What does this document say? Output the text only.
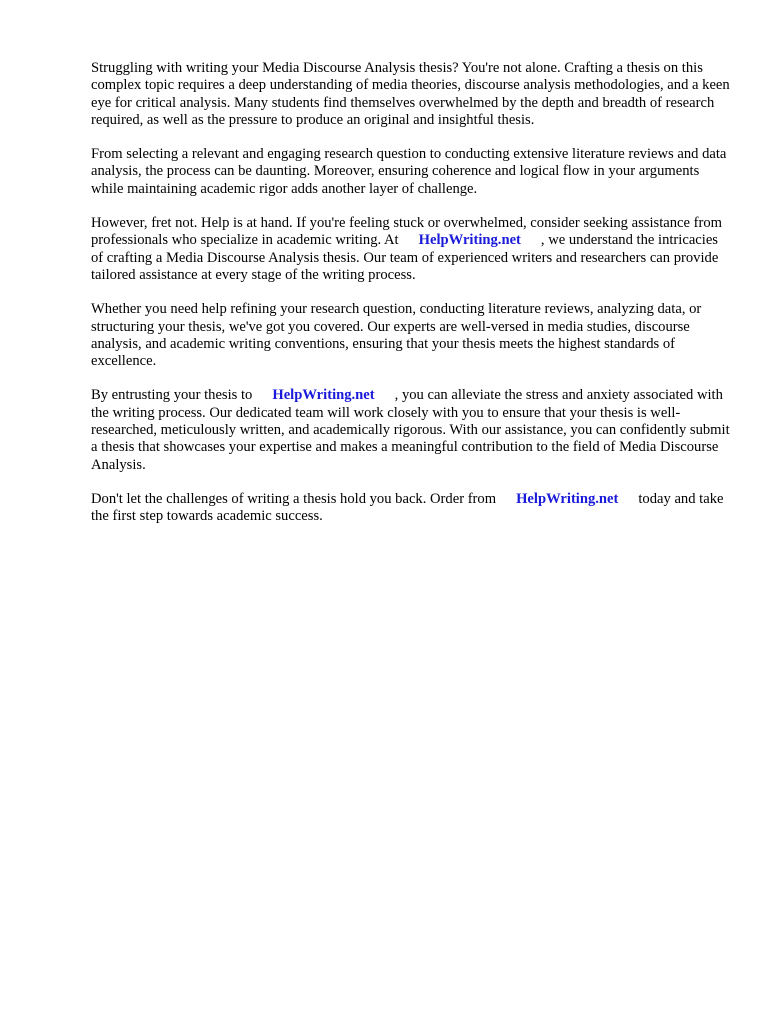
Struggling with writing your Media Discourse Analysis thesis? You're not alone. Crafting a thesis on this complex topic requires a deep understanding of media theories, discourse analysis methodologies, and a keen eye for critical analysis. Many students find themselves overwhelmed by the depth and breadth of research required, as well as the pressure to produce an original and insightful thesis.

From selecting a relevant and engaging research question to conducting extensive literature reviews and data analysis, the process can be daunting. Moreover, ensuring coherence and logical flow in your arguments while maintaining academic rigor adds another layer of challenge.

However, fret not. Help is at hand. If you're feeling stuck or overwhelmed, consider seeking assistance from professionals who specialize in academic writing. At HelpWriting.net , we understand the intricacies of crafting a Media Discourse Analysis thesis. Our team of experienced writers and researchers can provide tailored assistance at every stage of the writing process.

Whether you need help refining your research question, conducting literature reviews, analyzing data, or structuring your thesis, we've got you covered. Our experts are well-versed in media studies, discourse analysis, and academic writing conventions, ensuring that your thesis meets the highest standards of excellence.

By entrusting your thesis to HelpWriting.net , you can alleviate the stress and anxiety associated with the writing process. Our dedicated team will work closely with you to ensure that your thesis is well-researched, meticulously written, and academically rigorous. With our assistance, you can confidently submit a thesis that showcases your expertise and makes a meaningful contribution to the field of Media Discourse Analysis.

Don't let the challenges of writing a thesis hold you back. Order from HelpWriting.net today and take the first step towards academic success.
